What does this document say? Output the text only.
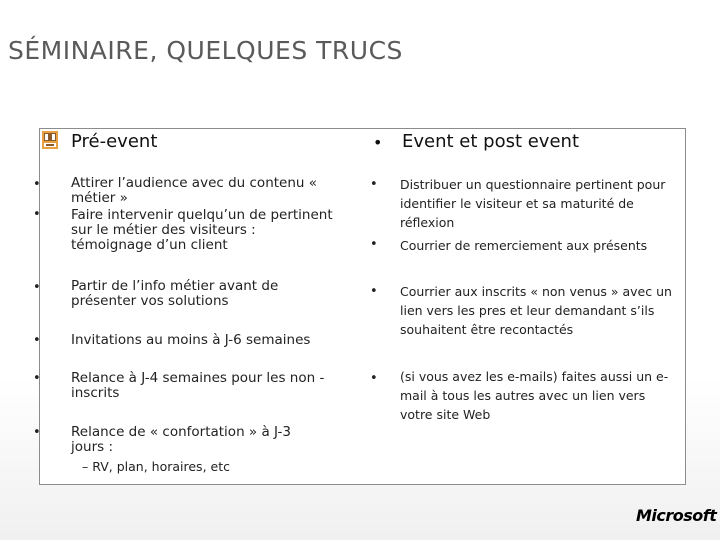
SÉMINAIRE, QUELQUES TRUCS
Pré-event
• Attirer l’audience avec du contenu « métier »
• Faire intervenir quelqu’un de pertinent sur le métier des visiteurs : témoignage d’un client
• Partir de l’info métier avant de présenter vos solutions
• Invitations au moins à J-6 semaines
• Relance à J-4 semaines pour les non - inscrits
• Relance de « confortation » à J-3 jours :
– RV, plan, horaires, etc
• Event et post event
• Distribuer un questionnaire pertinent pour identifier le visiteur et sa maturité de réflexion
• Courrier de remerciement aux présents
• Courrier aux inscrits « non venus » avec un lien vers les pres et leur demandant s’ils souhaitent être recontactés
• (si vous avez les e-mails) faites aussi un e-mail à tous les autres avec un lien vers votre site Web
Microsoft
